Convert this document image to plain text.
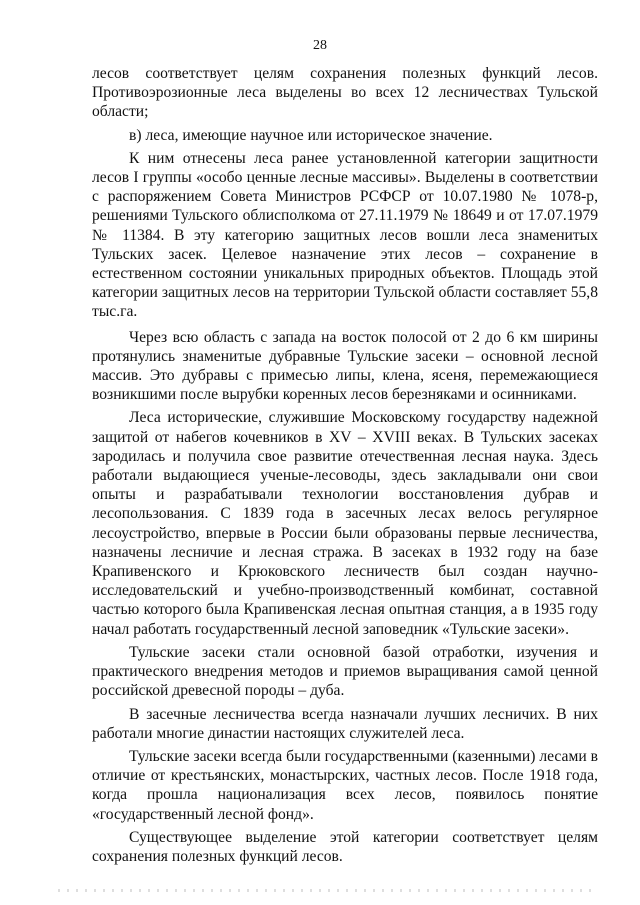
28

лесов соответствует целям сохранения полезных функций лесов. Противоэрозионные леса выделены во всех 12 лесничествах Тульской области;

в) леса, имеющие научное или историческое значение.

К ним отнесены леса ранее установленной категории защитности лесов I группы «особо ценные лесные массивы». Выделены в соответствии с распоряжением Совета Министров РСФСР от 10.07.1980 № 1078-р, решениями Тульского облисполкома от 27.11.1979 № 18649 и от 17.07.1979 № 11384. В эту категорию защитных лесов вошли леса знаменитых Тульских засек. Целевое назначение этих лесов – сохранение в естественном состоянии уникальных природных объектов. Площадь этой категории защитных лесов на территории Тульской области составляет 55,8 тыс.га.

Через всю область с запада на восток полосой от 2 до 6 км ширины протянулись знаменитые дубравные Тульские засеки – основной лесной массив. Это дубравы с примесью липы, клена, ясеня, перемежающиеся возникшими после вырубки коренных лесов березняками и осинниками.

Леса исторические, служившие Московскому государству надежной защитой от набегов кочевников в XV – XVIII веках. В Тульских засеках зародилась и получила свое развитие отечественная лесная наука. Здесь работали выдающиеся ученые-лесоводы, здесь закладывали они свои опыты и разрабатывали технологии восстановления дубрав и лесопользования. С 1839 года в засечных лесах велось регулярное лесоустройство, впервые в России были образованы первые лесничества, назначены лесничие и лесная стража. В засеках в 1932 году на базе Крапивенского и Крюковского лесничеств был создан научно-исследовательский и учебно-производственный комбинат, составной частью которого была Крапивенская лесная опытная станция, а в 1935 году начал работать государственный лесной заповедник «Тульские засеки».

Тульские засеки стали основной базой отработки, изучения и практического внедрения методов и приемов выращивания самой ценной российской древесной породы – дуба.

В засечные лесничества всегда назначали лучших лесничих. В них работали многие династии настоящих служителей леса.

Тульские засеки всегда были государственными (казенными) лесами в отличие от крестьянских, монастырских, частных лесов. После 1918 года, когда прошла национализация всех лесов, появилось понятие «государственный лесной фонд».

Существующее выделение этой категории соответствует целям сохранения полезных функций лесов.
